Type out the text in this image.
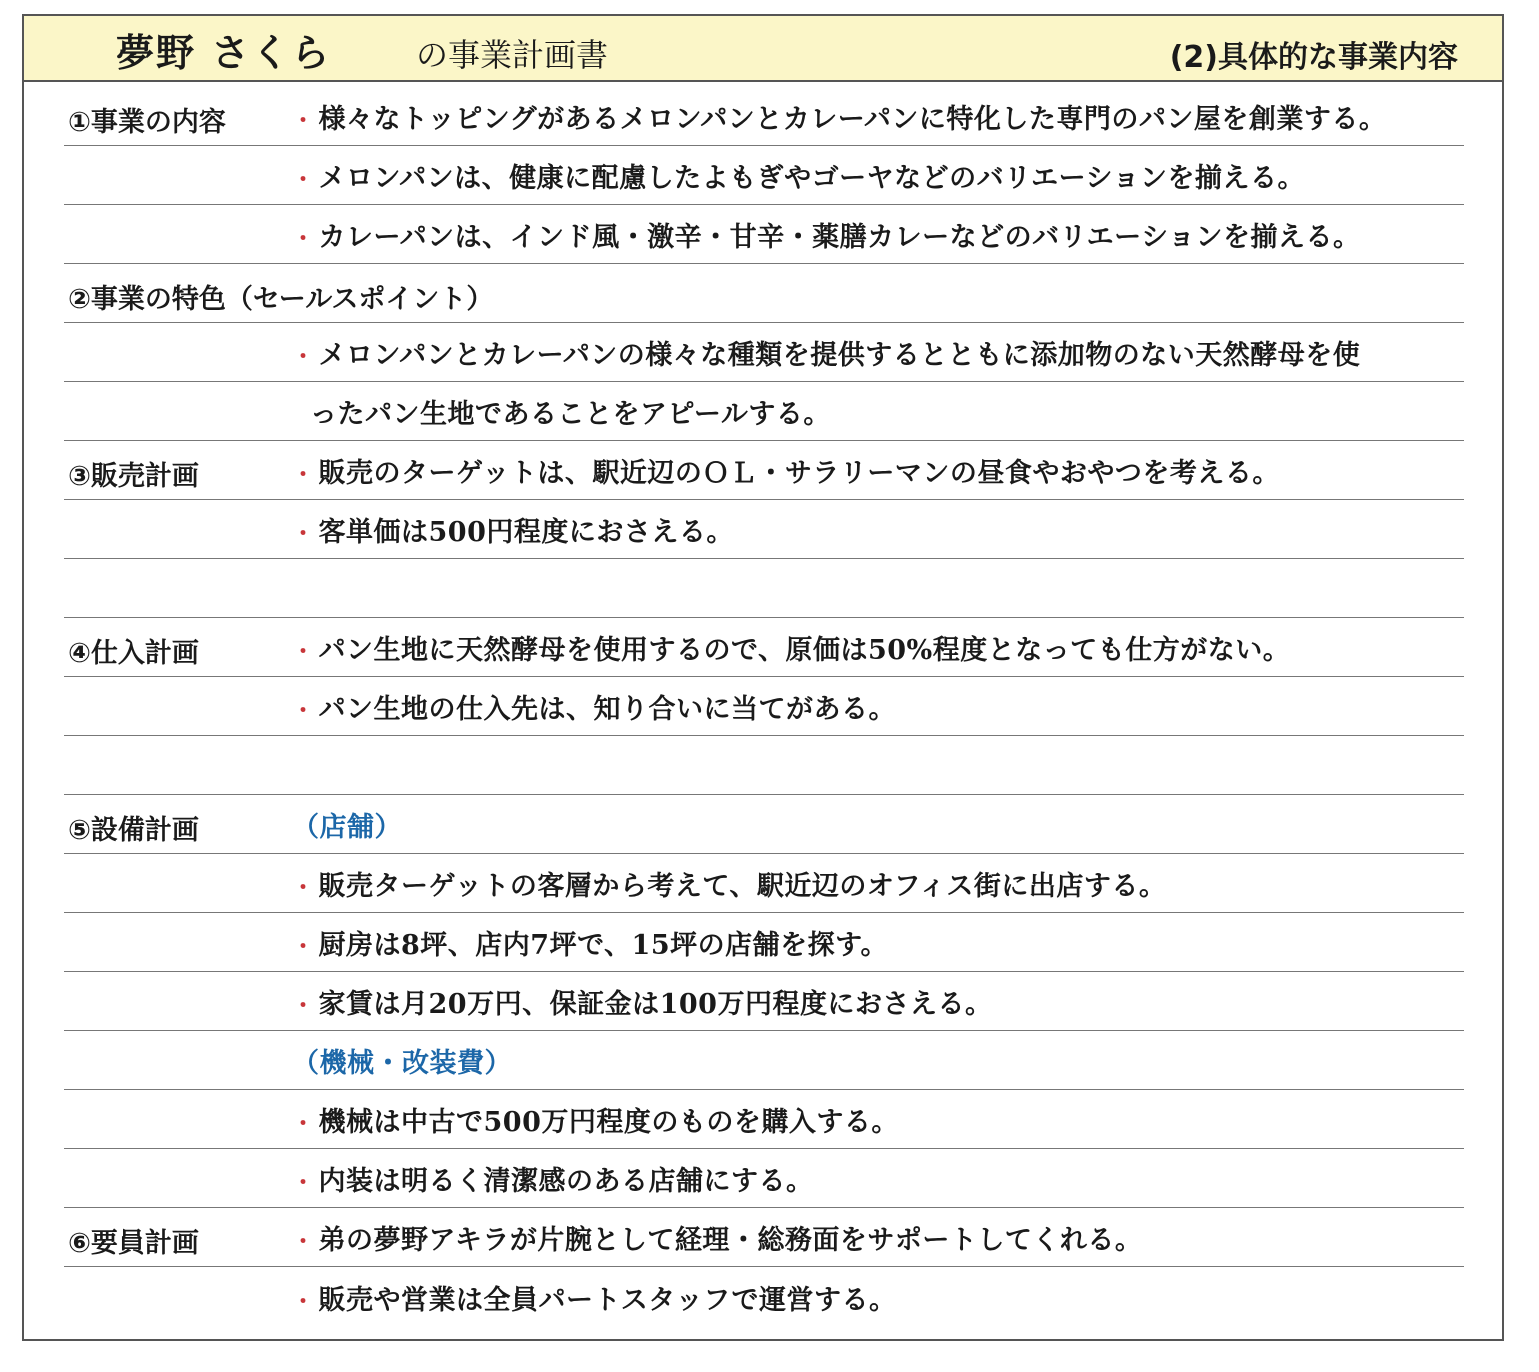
夢野 さくら	の事業計画書	(2)具体的な事業内容
①事業の内容	・ 様々なトッピングがあるメロンパンとカレーパンに特化した専門のパン屋を創業する。
・ メロンパンは、健康に配慮したよもぎやゴーヤなどのバリエーションを揃える。
・ カレーパンは、インド風・激辛・甘辛・薬膳カレーなどのバリエーションを揃える。
②事業の特色（セールスポイント）
・ メロンパンとカレーパンの様々な種類を提供するとともに添加物のない天然酵母を使
ったパン生地であることをアピールする。
③販売計画	・ 販売のターゲットは、駅近辺のＯＬ・サラリーマンの昼食やおやつを考える。
・ 客単価は500円程度におさえる。
④仕入計画	・ パン生地に天然酵母を使用するので、原価は50%程度となっても仕方がない。
・ パン生地の仕入先は、知り合いに当てがある。
⑤設備計画	（店舗）
・ 販売ターゲットの客層から考えて、駅近辺のオフィス街に出店する。
・ 厨房は8坪、店内7坪で、15坪の店舗を探す。
・ 家賃は月20万円、保証金は100万円程度におさえる。
（機械・改装費）
・ 機械は中古で500万円程度のものを購入する。
・ 内装は明るく清潔感のある店舗にする。
⑥要員計画	・ 弟の夢野アキラが片腕として経理・総務面をサポートしてくれる。
・ 販売や営業は全員パートスタッフで運営する。
